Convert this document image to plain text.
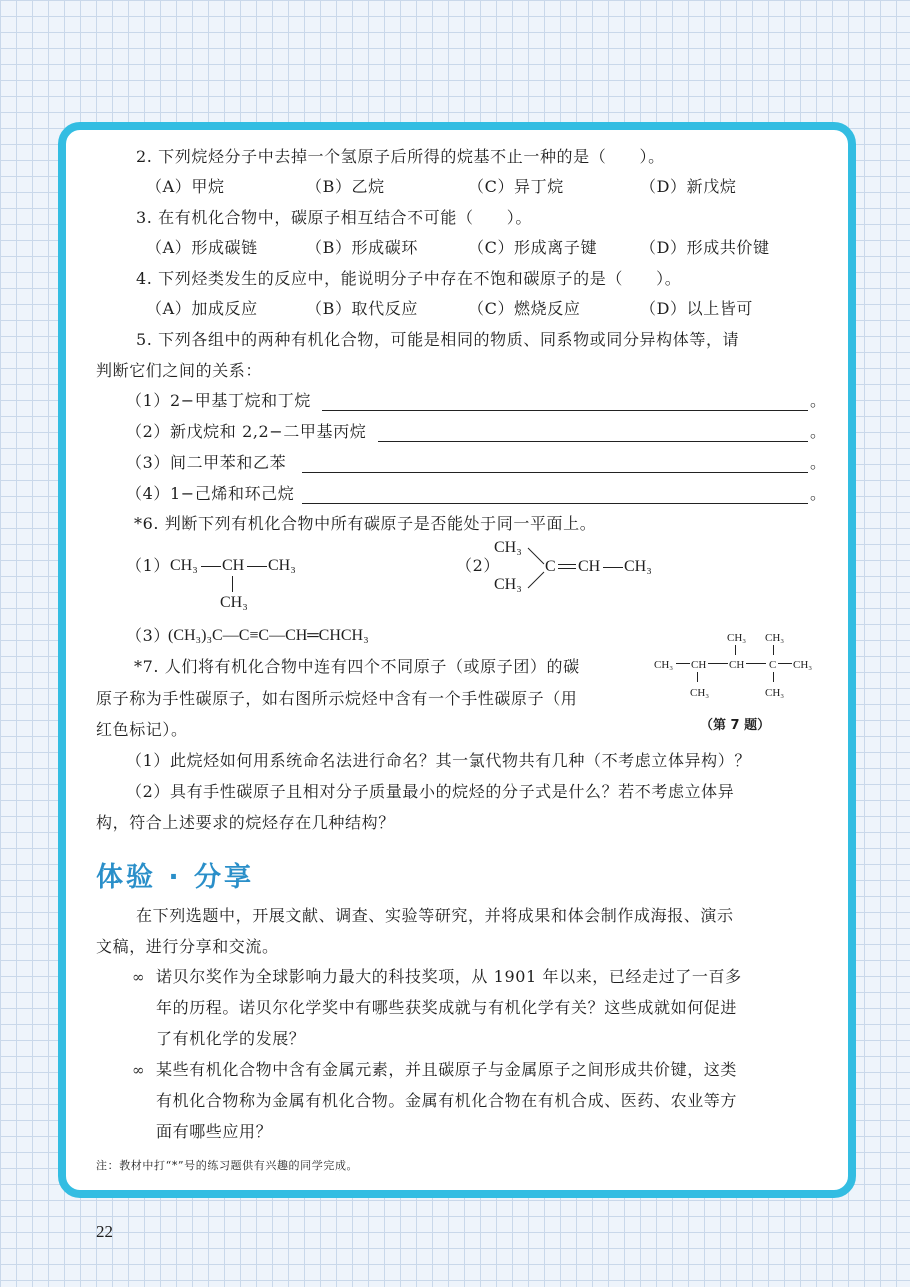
2. 下列烷烃分子中去掉一个氢原子后所得的烷基不止一种的是（　　）。
（A）甲烷	（B）乙烷	（C）异丁烷	（D）新戊烷
3. 在有机化合物中，碳原子相互结合不可能（　　）。
（A）形成碳链	（B）形成碳环	（C）形成离子键	（D）形成共价键
4. 下列烃类发生的反应中，能说明分子中存在不饱和碳原子的是（　　）。
（A）加成反应	（B）取代反应	（C）燃烧反应	（D）以上皆可
5. 下列各组中的两种有机化合物，可能是相同的物质、同系物或同分异构体等，请
判断它们之间的关系：
（1）2−甲基丁烷和丁烷	。
（2）新戊烷和 2,2−二甲基丙烷	。
（3）间二甲苯和乙苯	。
（4）1−己烯和环己烷	。
*6. 判断下列有机化合物中所有碳原子是否能处于同一平面上。
（1） CH₃ CH CH₃
CH₃
（2）
CH₃
CH₃
C CH CH₃
（3）
(CH₃)₃C—C≡C—CH═CHCH₃
*7. 人们将有机化合物中连有四个不同原子（或原子团）的碳
原子称为手性碳原子，如右图所示烷烃中含有一个手性碳原子（用
红色标记）。
CH₃ CH₃
CH₃ CH CH C CH₃
CH₃	CH₃
（第 7 题）
（1）此烷烃如何用系统命名法进行命名？其一氯代物共有几种（不考虑立体异构）？
（2）具有手性碳原子且相对分子质量最小的烷烃的分子式是什么？若不考虑立体异
构，符合上述要求的烷烃存在几种结构？
体验 · 分享
在下列选题中，开展文献、调查、实验等研究，并将成果和体会制作成海报、演示
文稿，进行分享和交流。
∞ 诺贝尔奖作为全球影响力最大的科技奖项，从 1901 年以来，已经走过了一百多
年的历程。诺贝尔化学奖中有哪些获奖成就与有机化学有关？这些成就如何促进
了有机化学的发展？
∞ 某些有机化合物中含有金属元素，并且碳原子与金属原子之间形成共价键，这类
有机化合物称为金属有机化合物。金属有机化合物在有机合成、医药、农业等方
面有哪些应用？
注：教材中打“*”号的练习题供有兴趣的同学完成。
22
